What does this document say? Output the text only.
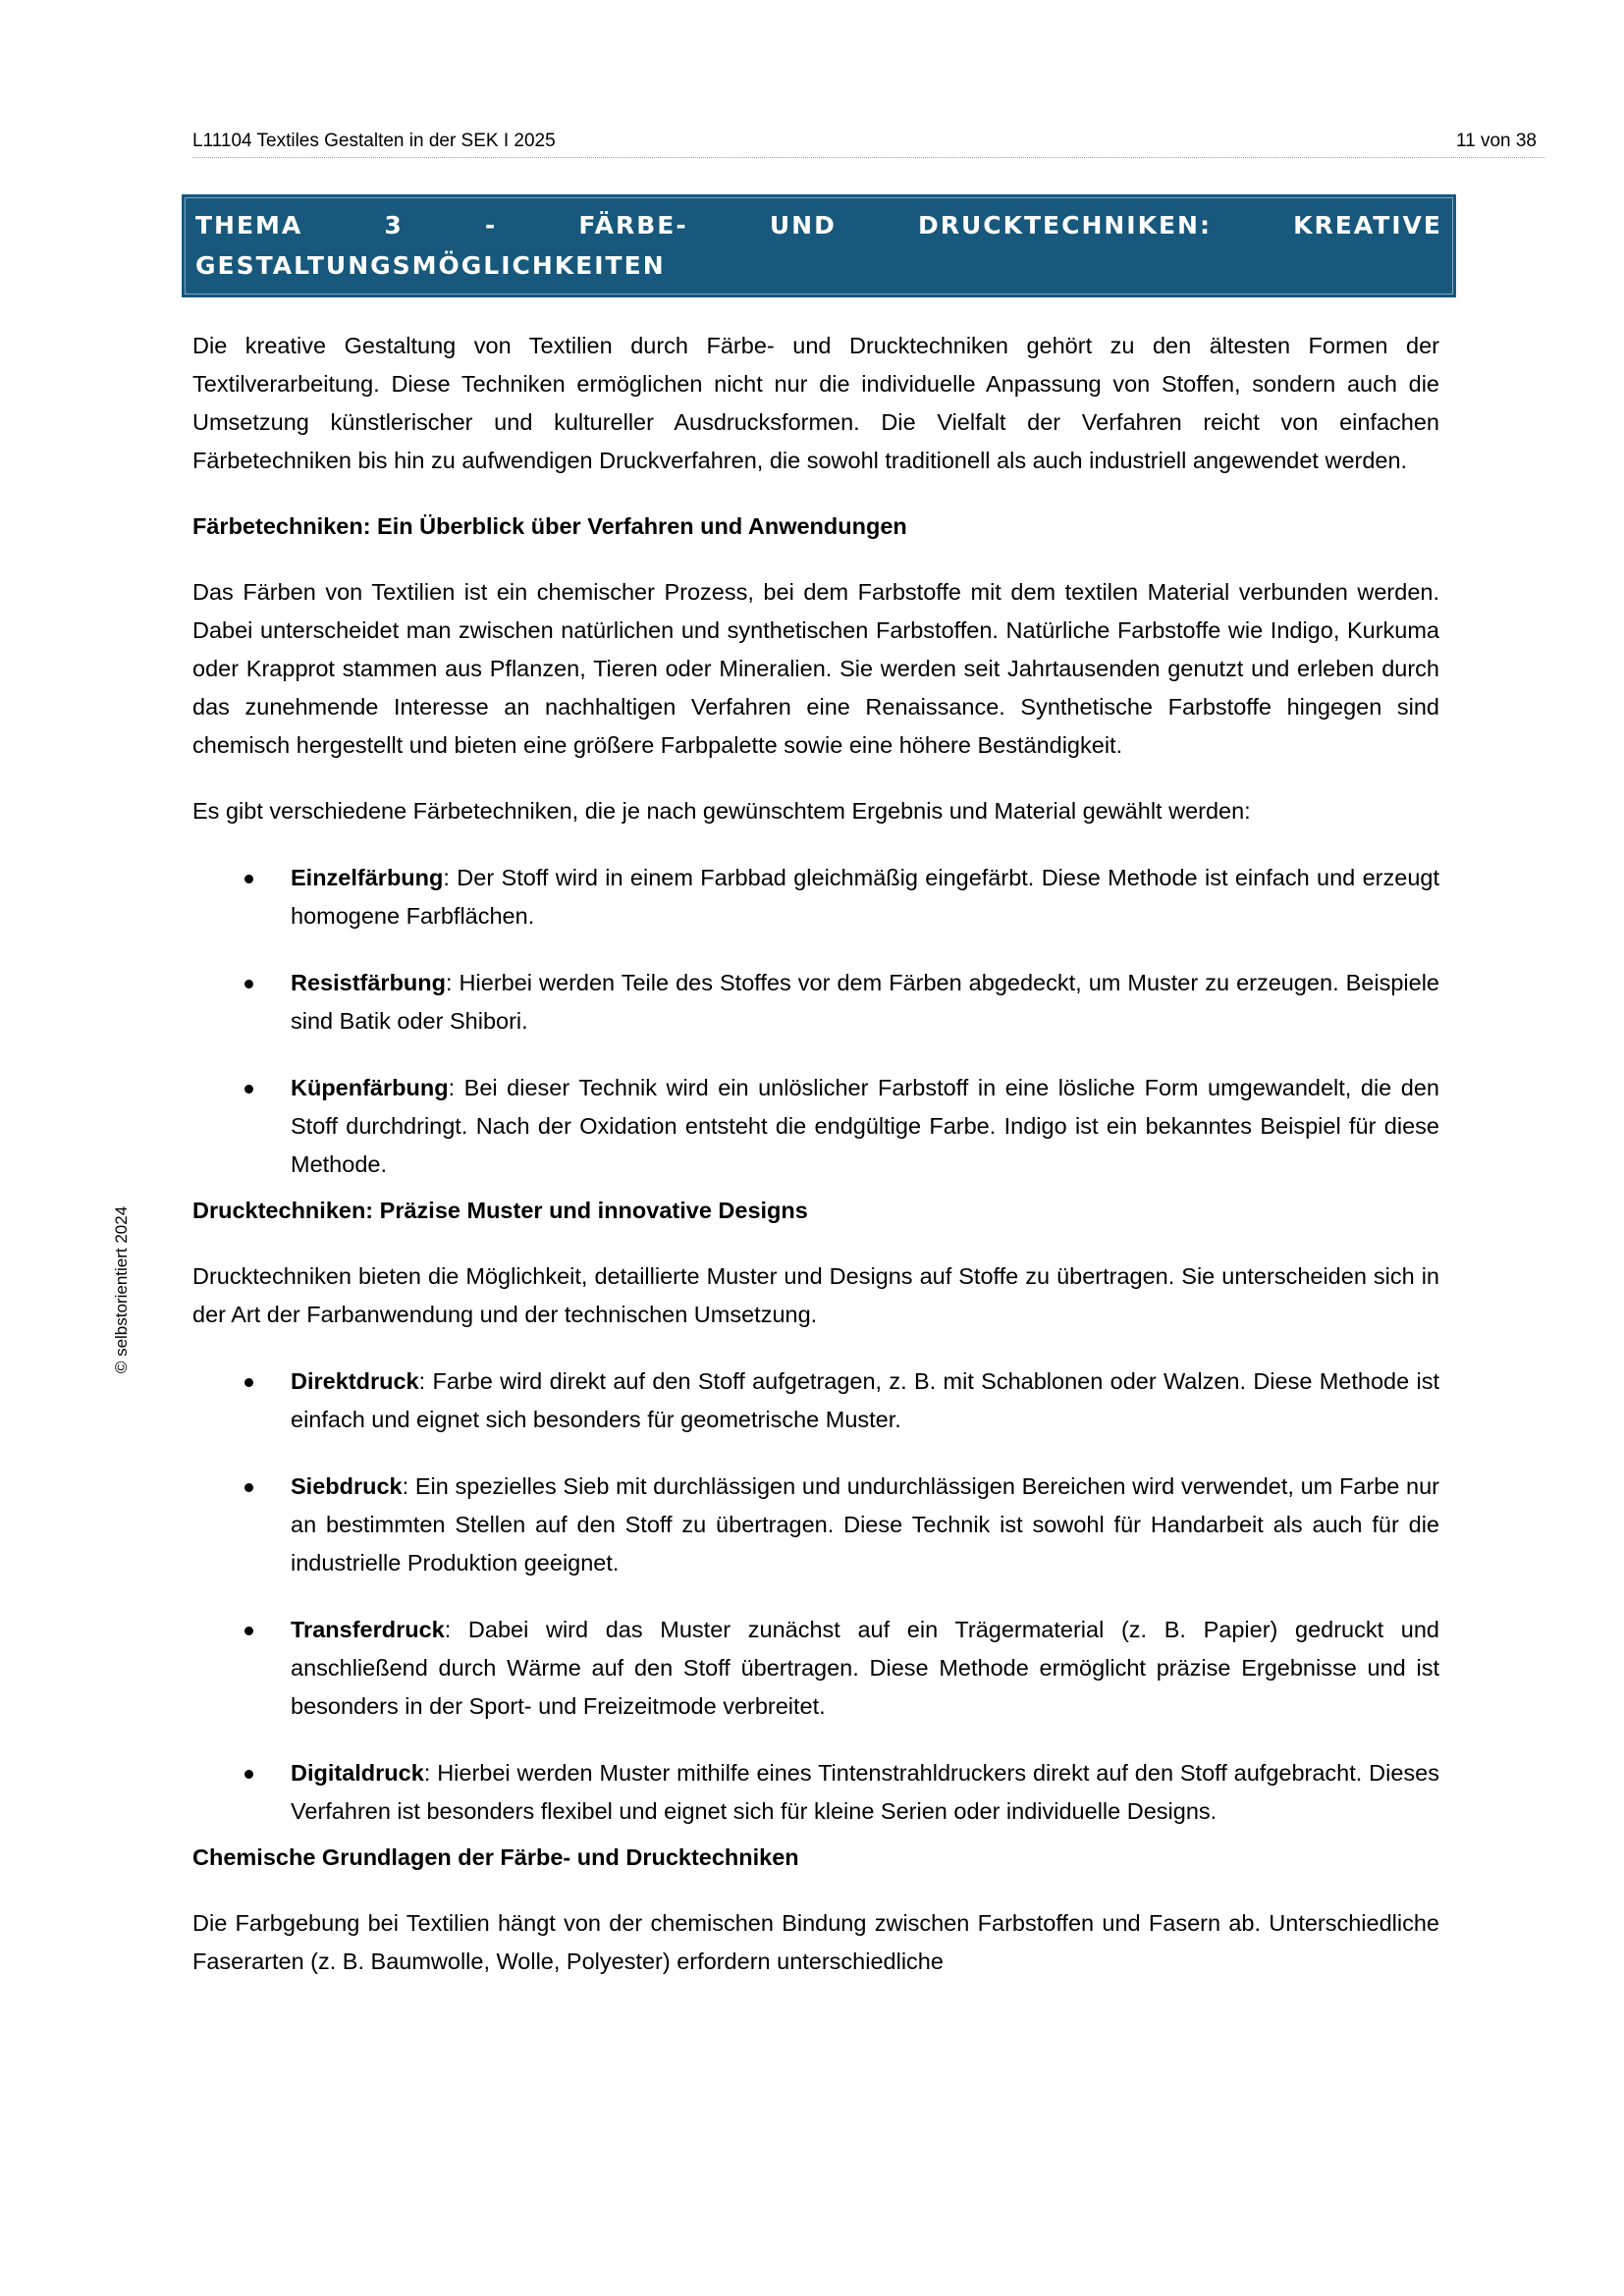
L11104 Textiles Gestalten in der SEK I 2025	11 von 38
© selbstorientiert 2024

THEMA 3 - FÄRBE- UND DRUCKTECHNIKEN: KREATIVE GESTALTUNGSMÖGLICHKEITEN

Die kreative Gestaltung von Textilien durch Färbe- und Drucktechniken gehört zu den ältesten Formen der Textilverarbeitung. Diese Techniken ermöglichen nicht nur die individuelle Anpassung von Stoffen, sondern auch die Umsetzung künstlerischer und kultureller Ausdrucksformen. Die Vielfalt der Verfahren reicht von einfachen Färbetechniken bis hin zu aufwendigen Druckverfahren, die sowohl traditionell als auch industriell angewendet werden.

Färbetechniken: Ein Überblick über Verfahren und Anwendungen

Das Färben von Textilien ist ein chemischer Prozess, bei dem Farbstoffe mit dem textilen Material verbunden werden. Dabei unterscheidet man zwischen natürlichen und synthetischen Farbstoffen. Natürliche Farbstoffe wie Indigo, Kurkuma oder Krapprot stammen aus Pflanzen, Tieren oder Mineralien. Sie werden seit Jahrtausenden genutzt und erleben durch das zunehmende Interesse an nachhaltigen Verfahren eine Renaissance. Synthetische Farbstoffe hingegen sind chemisch hergestellt und bieten eine größere Farbpalette sowie eine höhere Beständigkeit.

Es gibt verschiedene Färbetechniken, die je nach gewünschtem Ergebnis und Material gewählt werden:

Einzelfärbung: Der Stoff wird in einem Farbbad gleichmäßig eingefärbt. Diese Methode ist einfach und erzeugt homogene Farbflächen.
Resistfärbung: Hierbei werden Teile des Stoffes vor dem Färben abgedeckt, um Muster zu erzeugen. Beispiele sind Batik oder Shibori.
Küpenfärbung: Bei dieser Technik wird ein unlöslicher Farbstoff in eine lösliche Form umgewandelt, die den Stoff durchdringt. Nach der Oxidation entsteht die endgültige Farbe. Indigo ist ein bekanntes Beispiel für diese Methode.

Drucktechniken: Präzise Muster und innovative Designs

Drucktechniken bieten die Möglichkeit, detaillierte Muster und Designs auf Stoffe zu übertragen. Sie unterscheiden sich in der Art der Farbanwendung und der technischen Umsetzung.

Direktdruck: Farbe wird direkt auf den Stoff aufgetragen, z. B. mit Schablonen oder Walzen. Diese Methode ist einfach und eignet sich besonders für geometrische Muster.
Siebdruck: Ein spezielles Sieb mit durchlässigen und undurchlässigen Bereichen wird verwendet, um Farbe nur an bestimmten Stellen auf den Stoff zu übertragen. Diese Technik ist sowohl für Handarbeit als auch für die industrielle Produktion geeignet.
Transferdruck: Dabei wird das Muster zunächst auf ein Trägermaterial (z. B. Papier) gedruckt und anschließend durch Wärme auf den Stoff übertragen. Diese Methode ermöglicht präzise Ergebnisse und ist besonders in der Sport- und Freizeitmode verbreitet.
Digitaldruck: Hierbei werden Muster mithilfe eines Tintenstrahldruckers direkt auf den Stoff aufgebracht. Dieses Verfahren ist besonders flexibel und eignet sich für kleine Serien oder individuelle Designs.

Chemische Grundlagen der Färbe- und Drucktechniken

Die Farbgebung bei Textilien hängt von der chemischen Bindung zwischen Farbstoffen und Fasern ab. Unterschiedliche Faserarten (z. B. Baumwolle, Wolle, Polyester) erfordern unterschiedliche
